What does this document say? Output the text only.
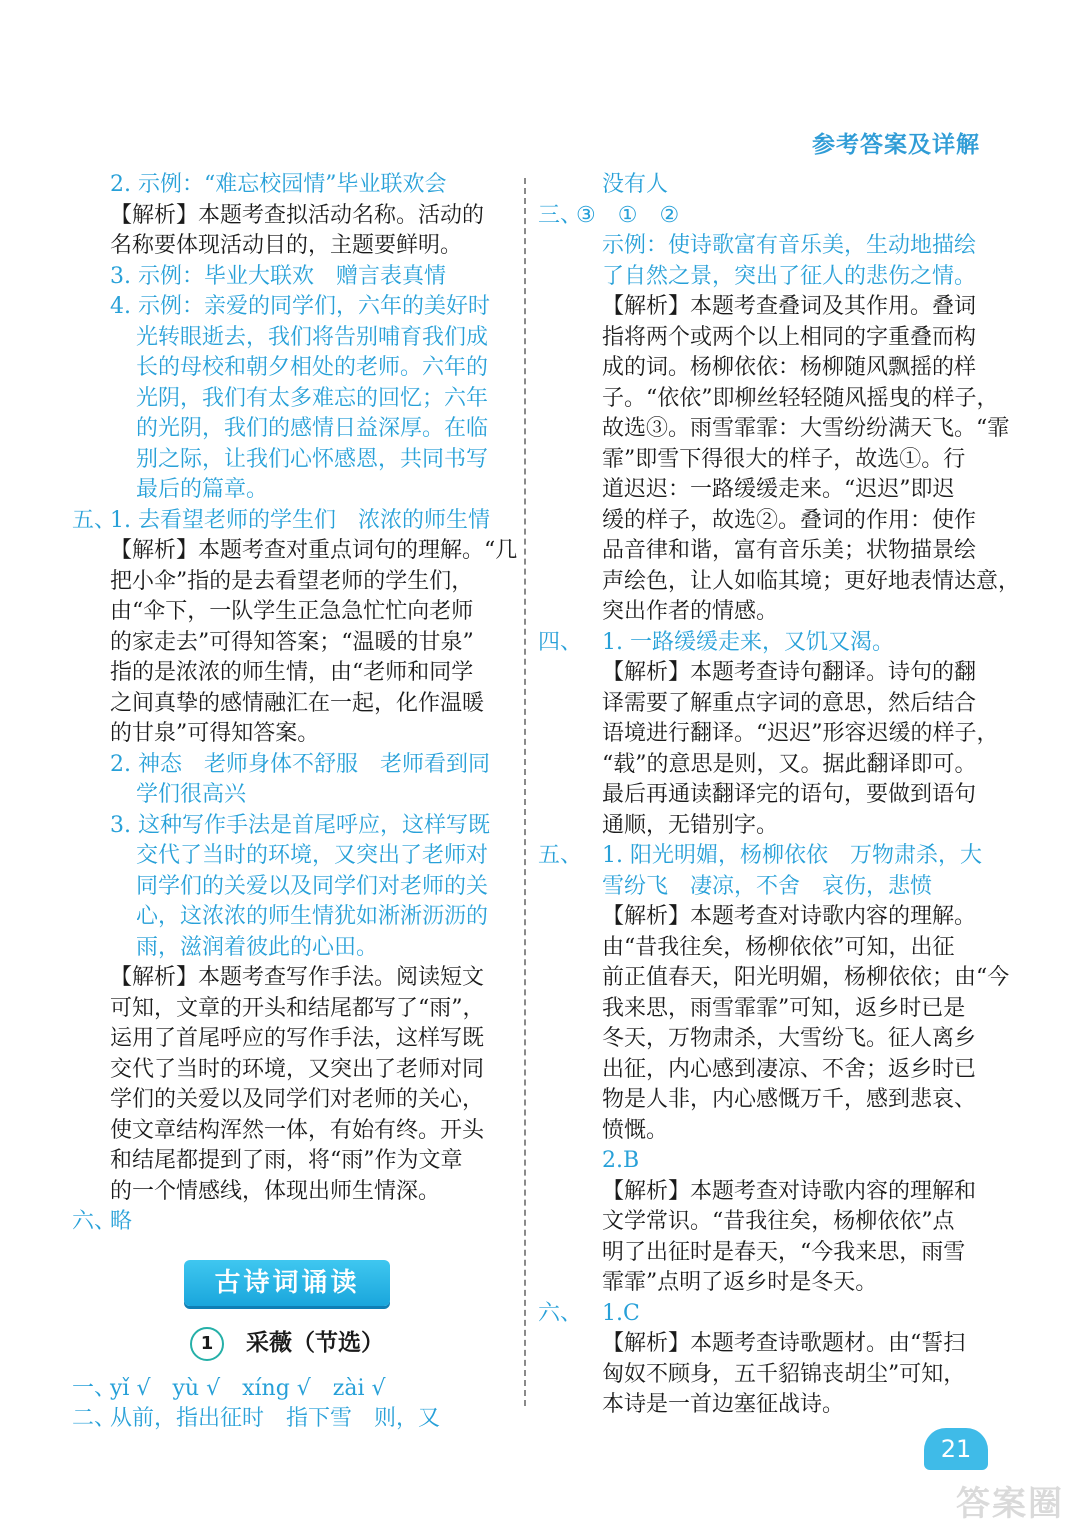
参考答案及详解
2. 示例：“难忘校园情”毕业联欢会
【解析】本题考查拟活动名称。活动的
名称要体现活动目的，主题要鲜明。
3. 示例：毕业大联欢　赠言表真情
4. 示例：亲爱的同学们，六年的美好时
光转眼逝去，我们将告别哺育我们成
长的母校和朝夕相处的老师。六年的
光阴，我们有太多难忘的回忆；六年
的光阴，我们的感情日益深厚。在临
别之际，让我们心怀感恩，共同书写
最后的篇章。
五、
1. 去看望老师的学生们　浓浓的师生情
【解析】本题考查对重点词句的理解。“几
把小伞”指的是去看望老师的学生们，
由“伞下，一队学生正急急忙忙向老师
的家走去”可得知答案；“温暖的甘泉”
指的是浓浓的师生情，由“老师和同学
之间真挚的感情融汇在一起，化作温暖
的甘泉”可得知答案。
2. 神态　老师身体不舒服　老师看到同
学们很高兴
3. 这种写作手法是首尾呼应，这样写既
交代了当时的环境，又突出了老师对
同学们的关爱以及同学们对老师的关
心，这浓浓的师生情犹如淅淅沥沥的
雨，滋润着彼此的心田。
【解析】本题考查写作手法。阅读短文
可知，文章的开头和结尾都写了“雨”，
运用了首尾呼应的写作手法，这样写既
交代了当时的环境，又突出了老师对同
学们的关爱以及同学们对老师的关心，
使文章结构浑然一体，有始有终。开头
和结尾都提到了雨，将“雨”作为文章
的一个情感线，体现出师生情深。
六、
略
古诗词诵读
1 采薇（节选）
一、
yǐ √　yù √　xíng √　zài √
二、
从前，指出征时　指下雪　则，又
没有人
三、
③　①　②
示例：使诗歌富有音乐美，生动地描绘
了自然之景，突出了征人的悲伤之情。
【解析】本题考查叠词及其作用。叠词
指将两个或两个以上相同的字重叠而构
成的词。杨柳依依：杨柳随风飘摇的样
子。“依依”即柳丝轻轻随风摇曳的样子，
故选③。雨雪霏霏：大雪纷纷满天飞。“霏
霏”即雪下得很大的样子，故选①。行
道迟迟：一路缓缓走来。“迟迟”即迟
缓的样子，故选②。叠词的作用：使作
品音律和谐，富有音乐美；状物描景绘
声绘色，让人如临其境；更好地表情达意，
突出作者的情感。
四、 1. 一路缓缓走来，又饥又渴。
【解析】本题考查诗句翻译。诗句的翻
译需要了解重点字词的意思，然后结合
语境进行翻译。“迟迟”形容迟缓的样子，
“载”的意思是则，又。据此翻译即可。
最后再通读翻译完的语句，要做到语句
通顺，无错别字。
五、 1. 阳光明媚，杨柳依依　万物肃杀，大
雪纷飞　凄凉，不舍　哀伤，悲愤
【解析】本题考查对诗歌内容的理解。
由“昔我往矣，杨柳依依”可知，出征
前正值春天，阳光明媚，杨柳依依；由“今
我来思，雨雪霏霏”可知，返乡时已是
冬天，万物肃杀，大雪纷飞。征人离乡
出征，内心感到凄凉、不舍；返乡时已
物是人非，内心感慨万千，感到悲哀、
愤慨。
2.B
【解析】本题考查对诗歌内容的理解和
文学常识。“昔我往矣，杨柳依依”点
明了出征时是春天，“今我来思，雨雪
霏霏”点明了返乡时是冬天。
六、 1.C
【解析】本题考查诗歌题材。由“誓扫
匈奴不顾身，五千貂锦丧胡尘”可知，
本诗是一首边塞征战诗。
21
答案圈
